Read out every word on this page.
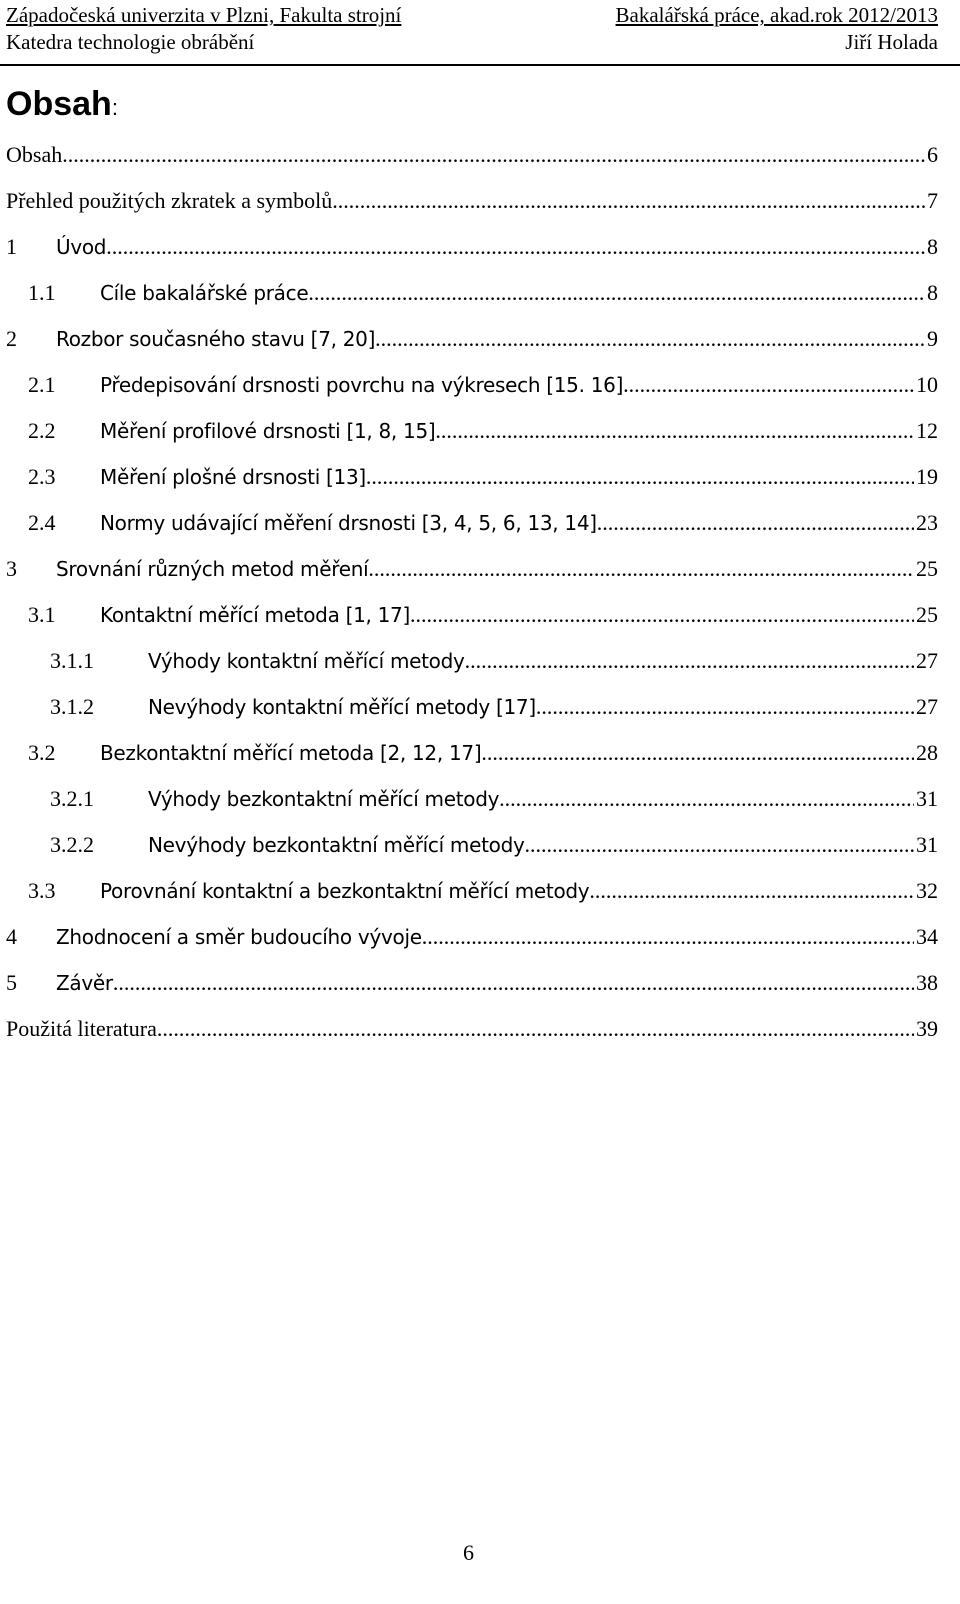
Západočeská univerzita v Plzni, Fakulta strojní	Bakalářská práce, akad.rok 2012/2013
Katedra technologie obrábění	Jiří Holada
Obsah:
Obsah .....	6
Přehled použitých zkratek a symbolů .....	7
1	Úvod .....	8
1.1	Cíle bakalářské práce .....	8
2	Rozbor současného stavu [7, 20] .....	9
2.1	Předepisování drsnosti povrchu na výkresech [15. 16] .....	10
2.2	Měření profilové drsnosti [1, 8, 15] .....	12
2.3	Měření plošné drsnosti [13] .....	19
2.4	Normy udávající měření drsnosti [3, 4, 5, 6, 13, 14] .....	23
3	Srovnání různých metod měření .....	25
3.1	Kontaktní měřící metoda [1, 17] .....	25
3.1.1	Výhody kontaktní měřící metody .....	27
3.1.2	Nevýhody kontaktní měřící metody [17] .....	27
3.2	Bezkontaktní měřící metoda [2, 12, 17] .....	28
3.2.1	Výhody bezkontaktní měřící metody .....	31
3.2.2	Nevýhody bezkontaktní měřící metody .....	31
3.3	Porovnání kontaktní a bezkontaktní měřící metody .....	32
4	Zhodnocení a směr budoucího vývoje .....	34
5	Závěr .....	38
Použitá literatura .....	39
6
